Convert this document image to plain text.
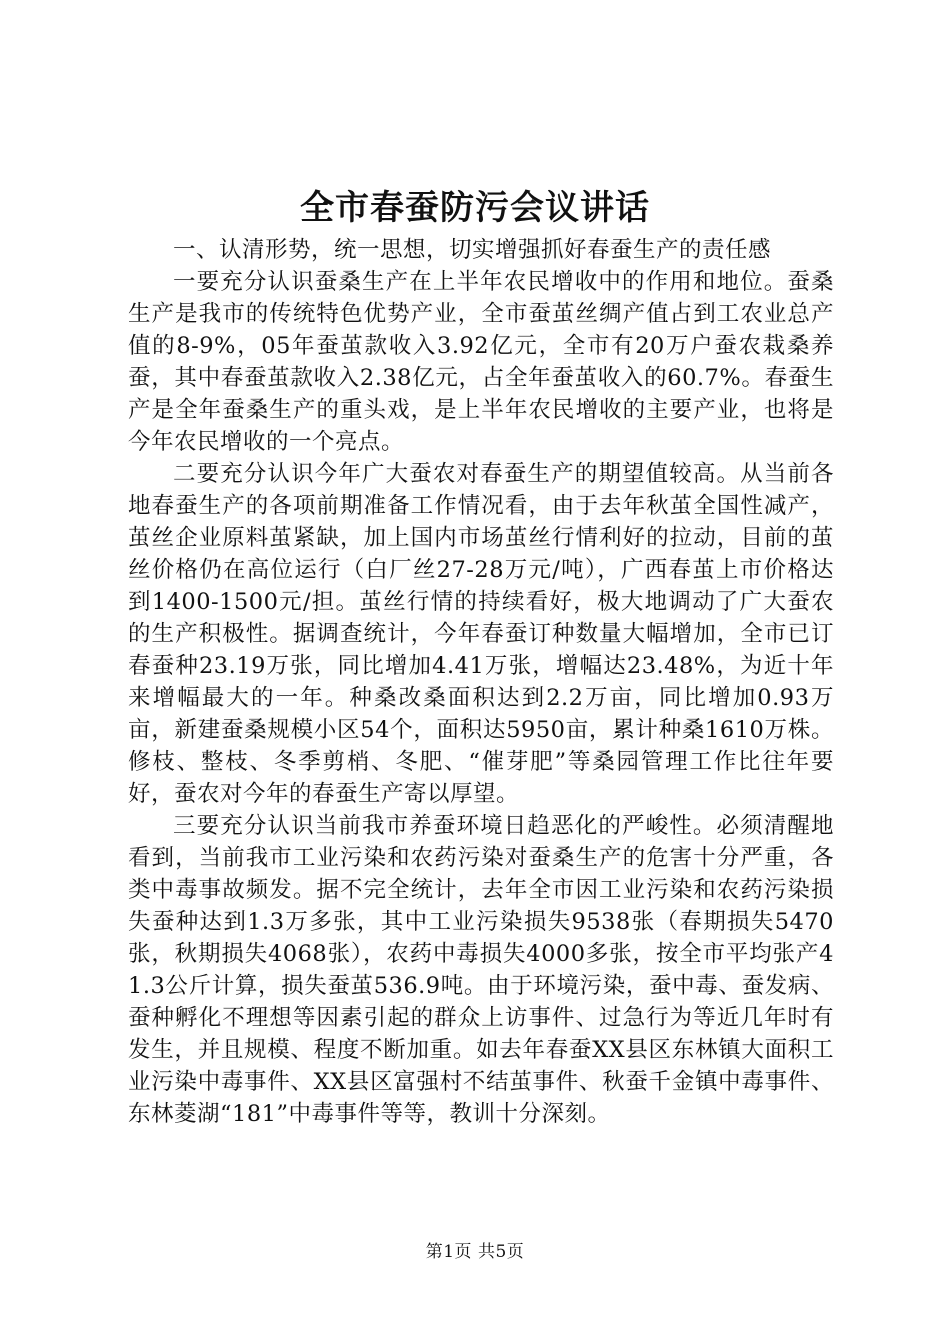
全市春蚕防污会议讲话

一、认清形势，统一思想，切实增强抓好春蚕生产的责任感

一要充分认识蚕桑生产在上半年农民增收中的作用和地位。蚕桑生产是我市的传统特色优势产业，全市蚕茧丝绸产值占到工农业总产值的8-9%，05年蚕茧款收入3.92亿元，全市有20万户蚕农栽桑养蚕，其中春蚕茧款收入2.38亿元，占全年蚕茧收入的60.7%。春蚕生产是全年蚕桑生产的重头戏，是上半年农民增收的主要产业，也将是今年农民增收的一个亮点。

二要充分认识今年广大蚕农对春蚕生产的期望值较高。从当前各地春蚕生产的各项前期准备工作情况看，由于去年秋茧全国性减产，茧丝企业原料茧紧缺，加上国内市场茧丝行情利好的拉动，目前的茧丝价格仍在高位运行（白厂丝27-28万元/吨），广西春茧上市价格达到1400-1500元/担。茧丝行情的持续看好，极大地调动了广大蚕农的生产积极性。据调查统计，今年春蚕订种数量大幅增加，全市已订春蚕种23.19万张，同比增加4.41万张，增幅达23.48%，为近十年来增幅最大的一年。种桑改桑面积达到2.2万亩，同比增加0.93万亩，新建蚕桑规模小区54个，面积达5950亩，累计种桑1610万株。修枝、整枝、冬季剪梢、冬肥、“催芽肥”等桑园管理工作比往年要好，蚕农对今年的春蚕生产寄以厚望。

三要充分认识当前我市养蚕环境日趋恶化的严峻性。必须清醒地看到，当前我市工业污染和农药污染对蚕桑生产的危害十分严重，各类中毒事故频发。据不完全统计，去年全市因工业污染和农药污染损失蚕种达到1.3万多张，其中工业污染损失9538张（春期损失5470张，秋期损失4068张），农药中毒损失4000多张，按全市平均张产41.3公斤计算，损失蚕茧536.9吨。由于环境污染，蚕中毒、蚕发病、蚕种孵化不理想等因素引起的群众上访事件、过急行为等近几年时有发生，并且规模、程度不断加重。如去年春蚕XX县区东林镇大面积工业污染中毒事件、XX县区富强村不结茧事件、秋蚕千金镇中毒事件、东林菱湖“181”中毒事件等等，教训十分深刻。

第1页 共5页
